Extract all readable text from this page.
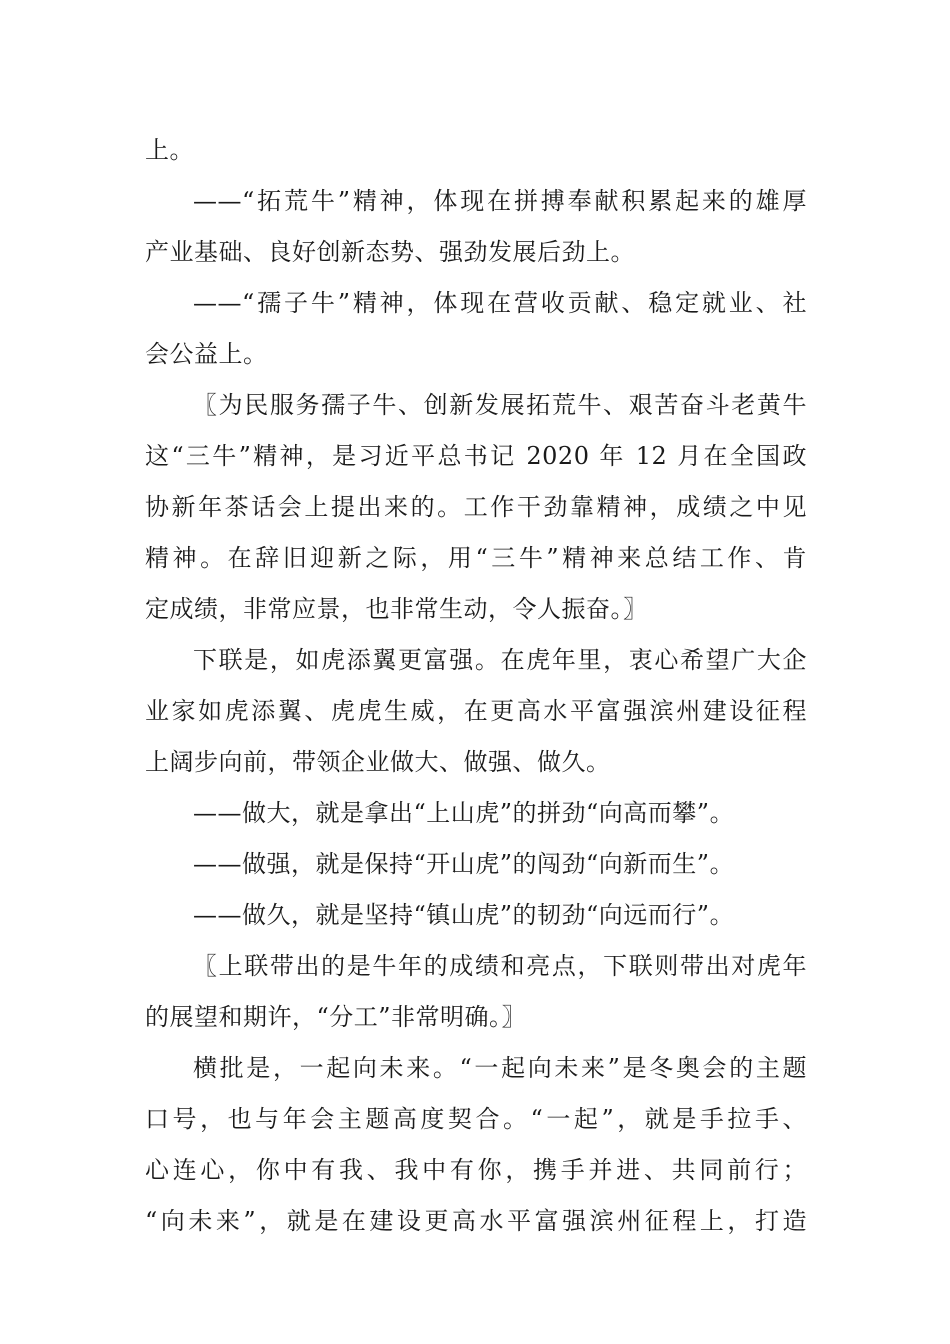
上。
——“拓荒牛”精神，体现在拼搏奉献积累起来的雄厚
产业基础、良好创新态势、强劲发展后劲上。
——“孺子牛”精神，体现在营收贡献、稳定就业、社
会公益上。
〖为民服务孺子牛、创新发展拓荒牛、艰苦奋斗老黄牛
这“三牛”精神，是习近平总书记 2020 年 12 月在全国政
协新年茶话会上提出来的。工作干劲靠精神，成绩之中见
精神。在辞旧迎新之际，用“三牛”精神来总结工作、肯
定成绩，非常应景，也非常生动，令人振奋。〗
下联是，如虎添翼更富强。在虎年里，衷心希望广大企
业家如虎添翼、虎虎生威，在更高水平富强滨州建设征程
上阔步向前，带领企业做大、做强、做久。
——做大，就是拿出“上山虎”的拼劲“向高而攀”。
——做强，就是保持“开山虎”的闯劲“向新而生”。
——做久，就是坚持“镇山虎”的韧劲“向远而行”。
〖上联带出的是牛年的成绩和亮点，下联则带出对虎年
的展望和期许，“分工”非常明确。〗
横批是，一起向未来。“一起向未来”是冬奥会的主题
口号，也与年会主题高度契合。“一起”，就是手拉手、
心连心，你中有我、我中有你，携手并进、共同前行；
“向未来”，就是在建设更高水平富强滨州征程上，打造
